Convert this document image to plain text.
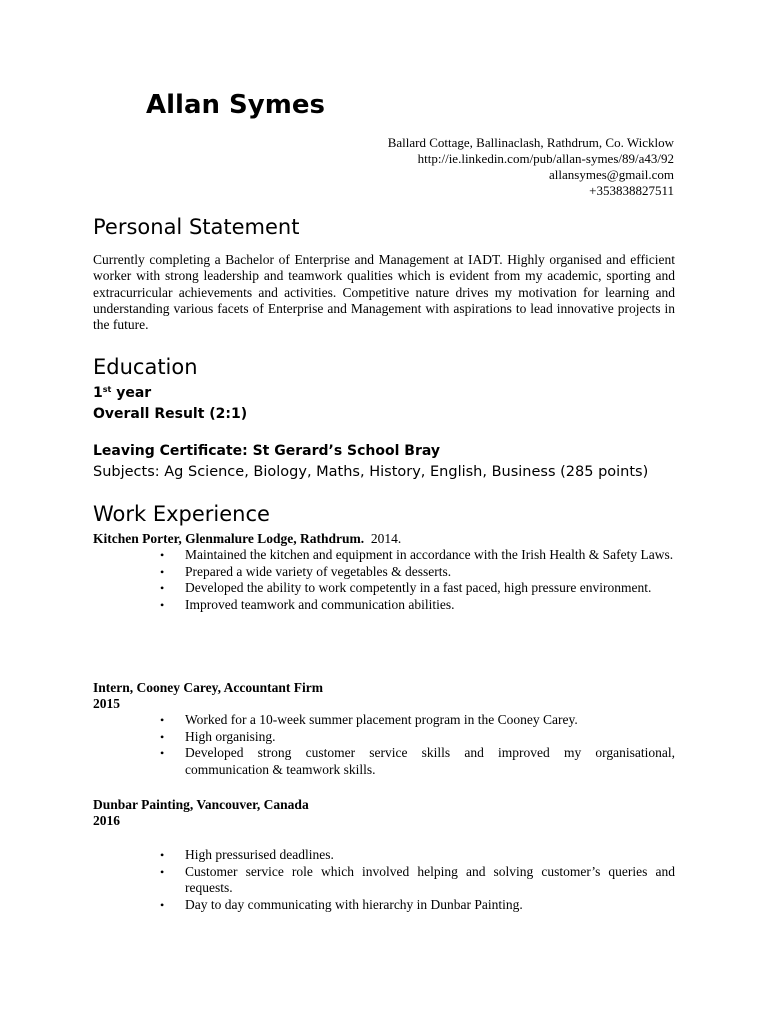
Allan Symes
Ballard Cottage, Ballinaclash, Rathdrum, Co. Wicklow
http://ie.linkedin.com/pub/allan-symes/89/a43/92
allansymes@gmail.com
+353838827511
Personal Statement
Currently completing a Bachelor of Enterprise and Management at IADT. Highly organised and efficient worker with strong leadership and teamwork qualities which is evident from my academic, sporting and extracurricular achievements and activities. Competitive nature drives my motivation for learning and understanding various facets of Enterprise and Management with aspirations to lead innovative projects in the future.
Education
1st year
Overall Result (2:1)
Leaving Certificate: St Gerard’s School Bray
Subjects: Ag Science, Biology, Maths, History, English, Business (285 points)
Work Experience
Kitchen Porter, Glenmalure Lodge, Rathdrum. 2014.
• Maintained the kitchen and equipment in accordance with the Irish Health & Safety Laws.
• Prepared a wide variety of vegetables & desserts.
• Developed the ability to work competently in a fast paced, high pressure environment.
• Improved teamwork and communication abilities.
Intern, Cooney Carey, Accountant Firm
2015
• Worked for a 10-week summer placement program in the Cooney Carey.
• High organising.
• Developed strong customer service skills and improved my organisational, communication & teamwork skills.
Dunbar Painting, Vancouver, Canada
2016
• High pressurised deadlines.
• Customer service role which involved helping and solving customer’s queries and requests.
• Day to day communicating with hierarchy in Dunbar Painting.
